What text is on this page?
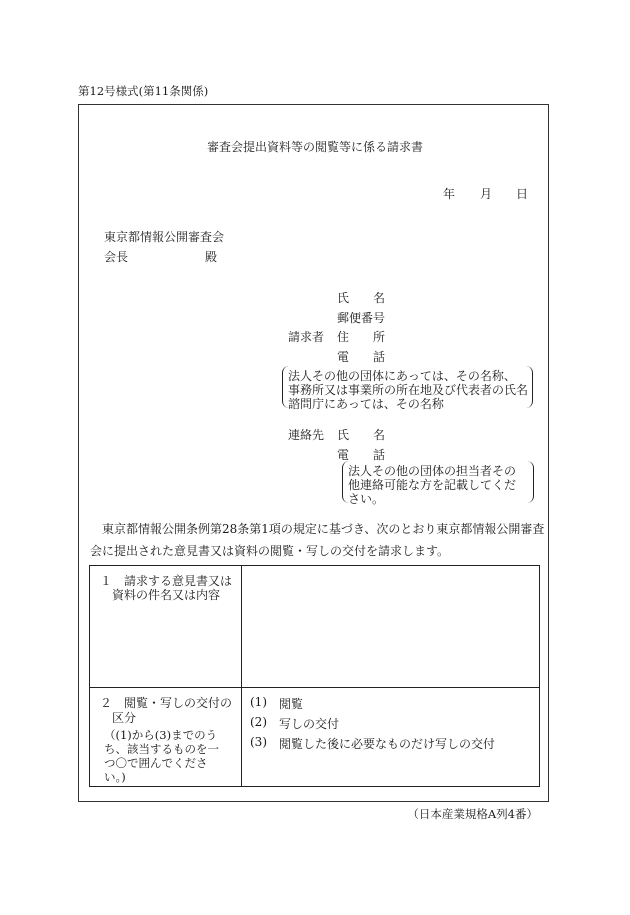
第12号様式(第11条関係)
審査会提出資料等の閲覧等に係る請求書
年 月 日
東京都情報公開審査会
会長	殿
氏　　名
郵便番号
請求者 住　　所
電　　話
法人その他の団体にあっては、その名称、
事務所又は事業所の所在地及び代表者の氏名
諮問庁にあっては、その名称
連絡先 氏　　名
電　　話
法人その他の団体の担当者その
他連絡可能な方を記載してくだ
さい。
　東京都情報公開条例第28条第1項の規定に基づき、次のとおり東京都情報公開審査
会に提出された意見書又は資料の閲覧・写しの交付を請求します。
１　請求する意見書又は
　資料の件名又は内容
２　閲覧・写しの交付の
　区分
（(1)から(3)までのう
ち、該当するものを一
つ〇で囲んでくださ
い。)
(1) 閲覧
(2) 写しの交付
(3) 閲覧した後に必要なものだけ写しの交付
（日本産業規格A列4番）
